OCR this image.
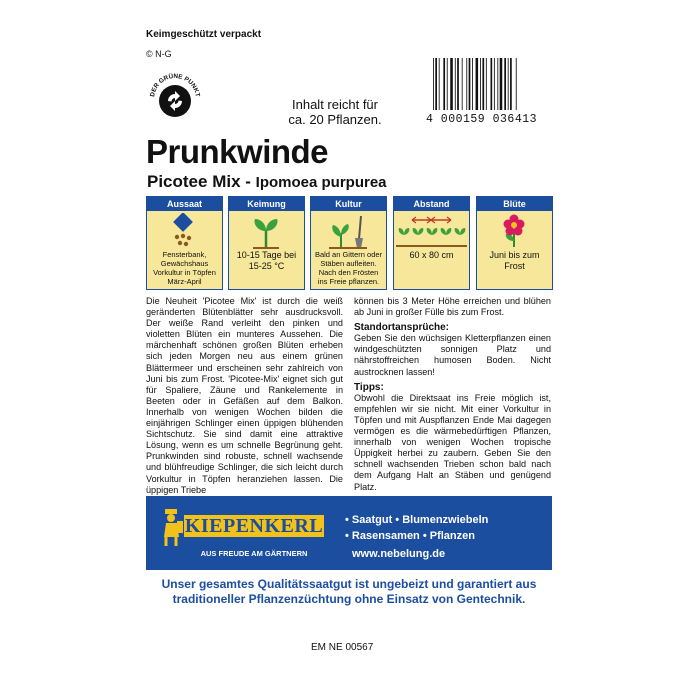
Keimgeschützt verpackt
© N-G
DER GRÜNE PUNKT
Inhalt reicht für
ca. 20 Pflanzen.	4 000159 036413
Prunkwinde
Picotee Mix - Ipomoea purpurea
Aussaat
Fensterbank, Gewächshaus Vorkultur in Töpfen März-April
Keimung
10-15 Tage bei 15-25 °C
Kultur
Bald an Gittern oder Stäben aufleiten. Nach den Frösten ins Freie pflanzen.
Abstand
60 x 80 cm
Blüte
Juni bis zum Frost
Die Neuheit 'Picotee Mix' ist durch die weiß geränderten Blütenblätter sehr ausdrucksvoll. Der weiße Rand verleiht den pinken und violetten Blüten ein munteres Aussehen. Die märchenhaft schönen großen Blüten erheben sich jeden Morgen neu aus einem grünen Blättermeer und erscheinen sehr zahlreich von Juni bis zum Frost. 'Picotee-Mix' eignet sich gut für Spaliere, Zäune und Rankelemente in Beeten oder in Gefäßen auf dem Balkon. Innerhalb von wenigen Wochen bilden die einjährigen Schlinger einen üppigen blühenden Sichtschutz. Sie sind damit eine attraktive Lösung, wenn es um schnelle Begrünung geht. Prunkwinden sind robuste, schnell wachsende und blühfreudige Schlinger, die sich leicht durch Vorkultur in Töpfen heranziehen lassen. Die üppigen Triebe
können bis 3 Meter Höhe erreichen und blühen ab Juni in großer Fülle bis zum Frost.
Standortansprüche:
Geben Sie den wüchsigen Kletterpflanzen einen windgeschützten sonnigen Platz und nährstoffreichen humosen Boden. Nicht austrocknen lassen!
Tipps:
Obwohl die Direktsaat ins Freie möglich ist, empfehlen wir sie nicht. Mit einer Vorkultur in Töpfen und mit Auspflanzen Ende Mai dagegen vermögen es die wärmebedürftigen Pflanzen, innerhalb von wenigen Wochen tropische Üppigkeit herbei zu zaubern. Geben Sie den schnell wachsenden Trieben schon bald nach dem Aufgang Halt an Stäben und genügend Platz.
KIEPENKERL
AUS FREUDE AM GÄRTNERN
• Saatgut • Blumenzwiebeln
• Rasensamen • Pflanzen
www.nebelung.de
Unser gesamtes Qualitätssaatgut ist ungebeizt und garantiert aus
traditioneller Pflanzenzüchtung ohne Einsatz von Gentechnik.
EM NE 00567
